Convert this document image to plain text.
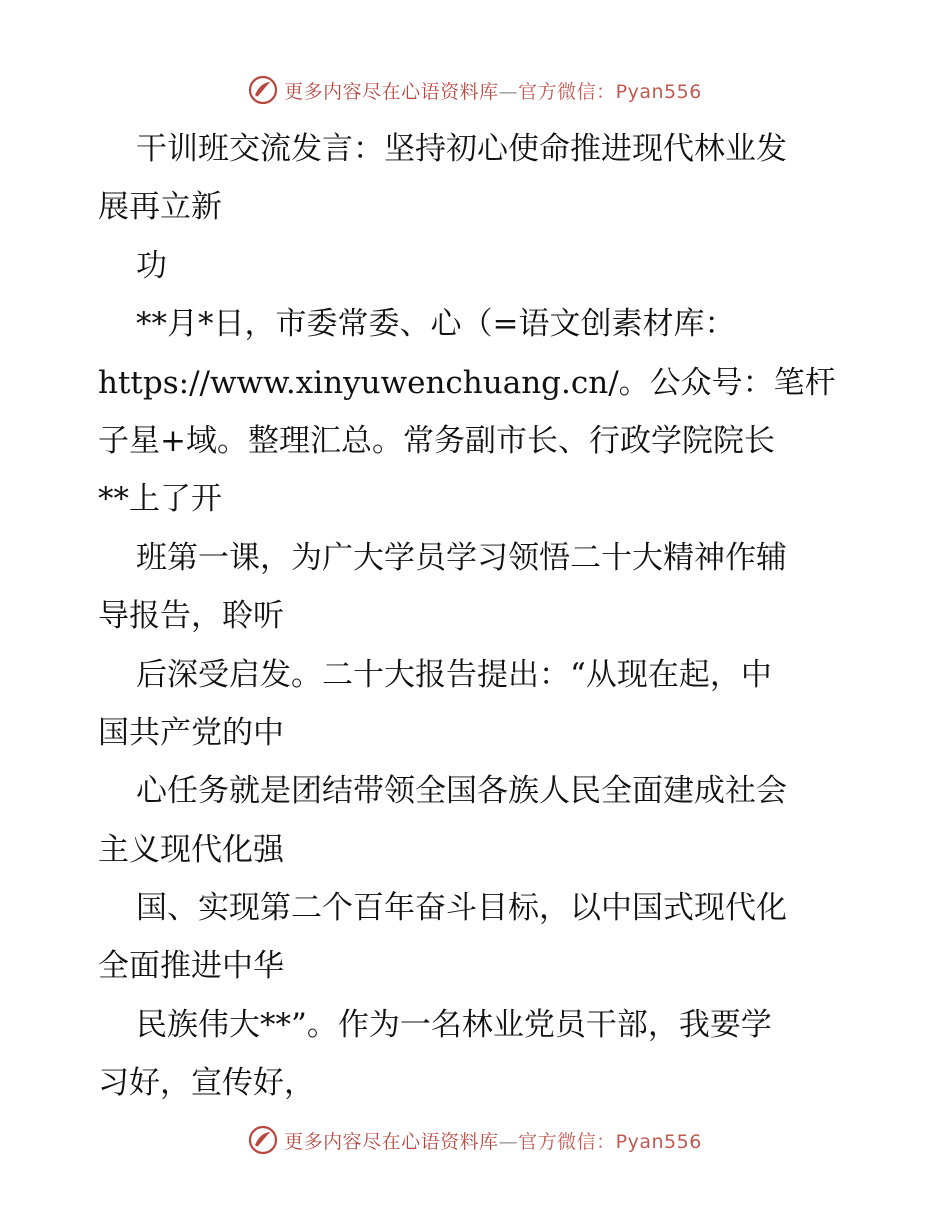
更多内容尽在心语资料库—官方微信：Pyan556
干训班交流发言：坚持初心使命推进现代林业发
展再立新
功
**月*日，市委常委、心（=语文创素材库：
https://www.xinyuwenchuang.cn/。公众号：笔杆
子星+域。整理汇总。常务副市长、行政学院院长
**上了开
班第一课，为广大学员学习领悟二十大精神作辅
导报告，聆听
后深受启发。二十大报告提出：“从现在起，中
国共产党的中
心任务就是团结带领全国各族人民全面建成社会
主义现代化强
国、实现第二个百年奋斗目标，以中国式现代化
全面推进中华
民族伟大**”。作为一名林业党员干部，我要学
习好，宣传好，
更多内容尽在心语资料库—官方微信：Pyan556
